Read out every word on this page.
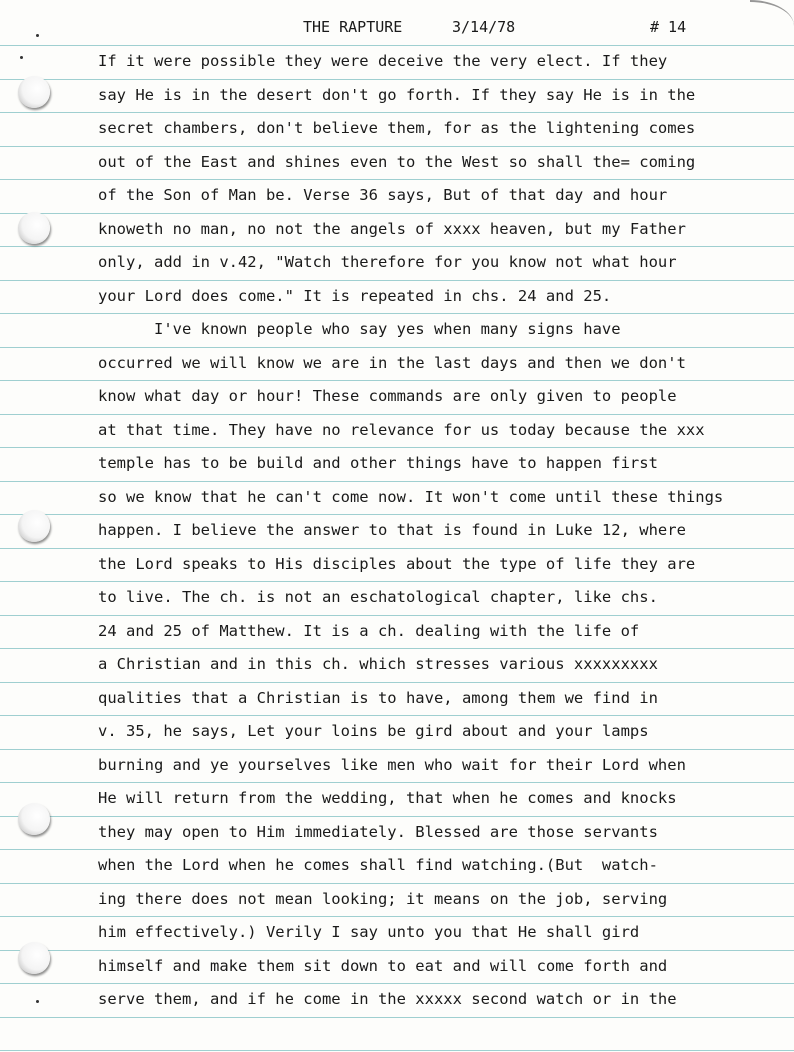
THE RAPTURE	3/14/78	# 14
If it were possible they were deceive the very elect. If they
say He is in the desert don't go forth. If they say He is in the
secret chambers, don't believe them, for as the lightening comes
out of the East and shines even to the West so shall the= coming
of the Son of Man be. Verse 36 says, But of that day and hour
knoweth no man, no not the angels of xxxx heaven, but my Father
only, add in v.42, "Watch therefore for you know not what hour
your Lord does come." It is repeated in chs. 24 and 25.
I've known people who say yes when many signs have
occurred we will know we are in the last days and then we don't
know what day or hour! These commands are only given to people
at that time. They have no relevance for us today because the xxx
temple has to be build and other things have to happen first
so we know that he can't come now. It won't come until these things
happen. I believe the answer to that is found in Luke 12, where
the Lord speaks to His disciples about the type of life they are
to live. The ch. is not an eschatological chapter, like chs.
24 and 25 of Matthew. It is a ch. dealing with the life of
a Christian and in this ch. which stresses various xxxxxxxxx
qualities that a Christian is to have, among them we find in
v. 35, he says, Let your loins be gird about and your lamps
burning and ye yourselves like men who wait for their Lord when
He will return from the wedding, that when he comes and knocks
they may open to Him immediately. Blessed are those servants
when the Lord when he comes shall find watching.(But  watch-
ing there does not mean looking; it means on the job, serving
him effectively.) Verily I say unto you that He shall gird
himself and make them sit down to eat and will come forth and
serve them, and if he come in the xxxxx second watch or in the
